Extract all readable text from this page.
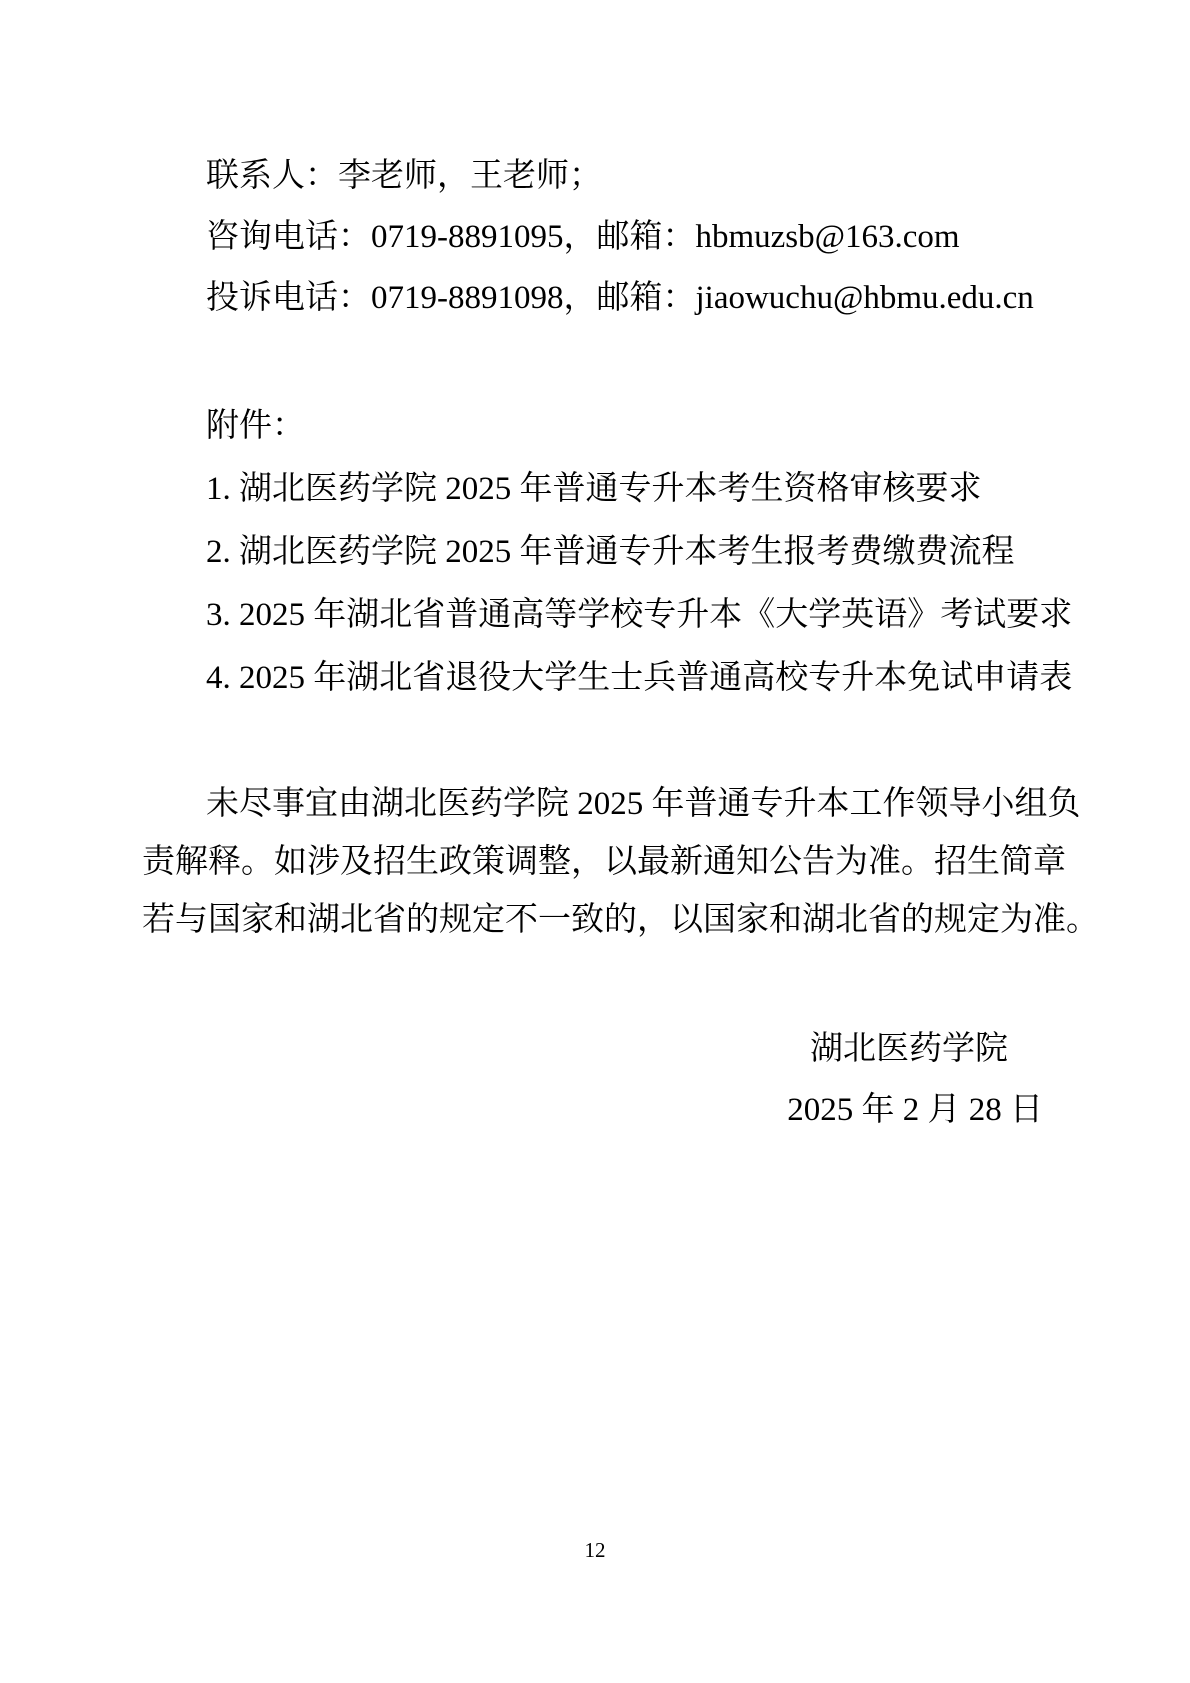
联系人：李老师，王老师；

咨询电话：0719-8891095，邮箱：hbmuzsb@163.com

投诉电话：0719-8891098，邮箱：jiaowuchu@hbmu.edu.cn

附件：

1. 湖北医药学院 2025 年普通专升本考生资格审核要求

2. 湖北医药学院 2025 年普通专升本考生报考费缴费流程

3. 2025 年湖北省普通高等学校专升本《大学英语》考试要求

4. 2025 年湖北省退役大学生士兵普通高校专升本免试申请表

未尽事宜由湖北医药学院 2025 年普通专升本工作领导小组负

责解释。如涉及招生政策调整，以最新通知公告为准。招生简章

若与国家和湖北省的规定不一致的，以国家和湖北省的规定为准。

湖北医药学院

2025 年 2 月 28 日

12
